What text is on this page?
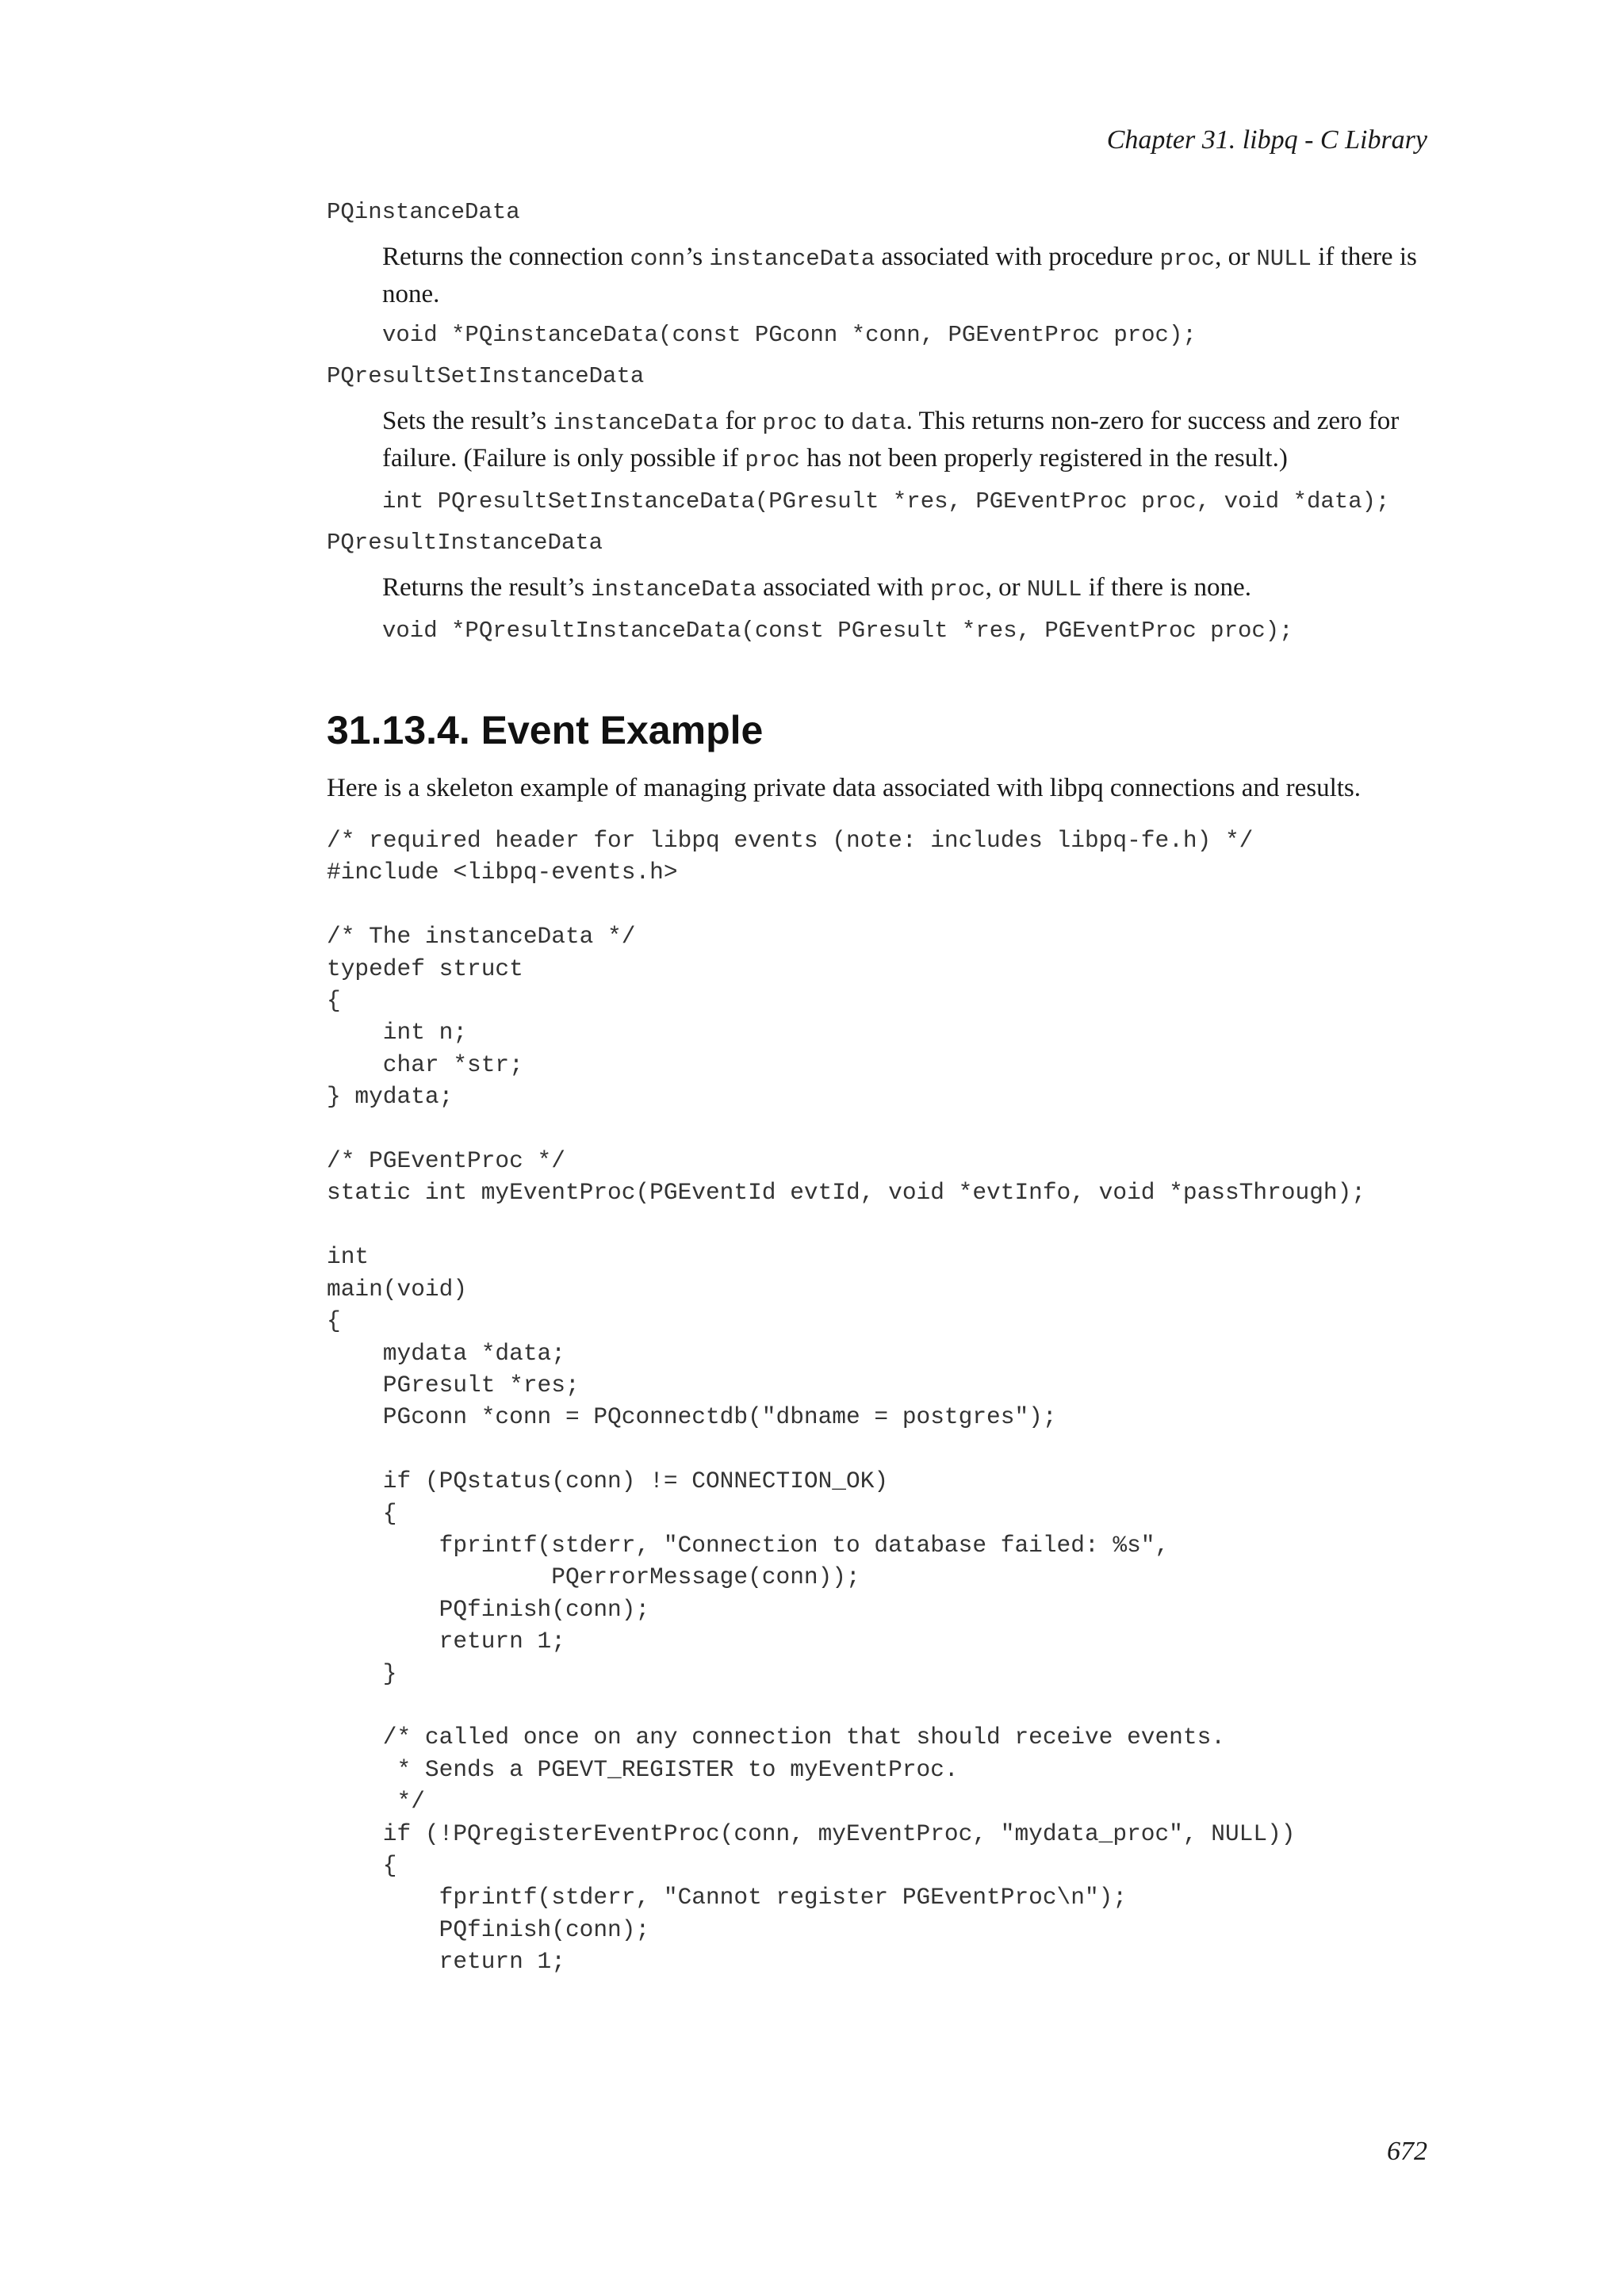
Chapter 31. libpq - C Library
PQinstanceData
Returns the connection conn’s instanceData associated with procedure proc, or NULL if there is none.
void *PQinstanceData(const PGconn *conn, PGEventProc proc);
PQresultSetInstanceData
Sets the result’s instanceData for proc to data. This returns non-zero for success and zero for failure. (Failure is only possible if proc has not been properly registered in the result.)
int PQresultSetInstanceData(PGresult *res, PGEventProc proc, void *data);
PQresultInstanceData
Returns the result’s instanceData associated with proc, or NULL if there is none.
void *PQresultInstanceData(const PGresult *res, PGEventProc proc);
31.13.4. Event Example

Here is a skeleton example of managing private data associated with libpq connections and results.

/* required header for libpq events (note: includes libpq-fe.h) */
#include <libpq-events.h>

/* The instanceData */
typedef struct
{
int n;
char *str;
} mydata;

/* PGEventProc */
static int myEventProc(PGEventId evtId, void *evtInfo, void *passThrough);

int
main(void)
{
mydata *data;
PGresult *res;
PGconn *conn = PQconnectdb("dbname = postgres");

if (PQstatus(conn) != CONNECTION_OK)
{
fprintf(stderr, "Connection to database failed: %s",
PQerrorMessage(conn));
PQfinish(conn);
return 1;
}

/* called once on any connection that should receive events.
* Sends a PGEVT_REGISTER to myEventProc.
*/
if (!PQregisterEventProc(conn, myEventProc, "mydata_proc", NULL))
{
fprintf(stderr, "Cannot register PGEventProc\n");
PQfinish(conn);
return 1;
672
